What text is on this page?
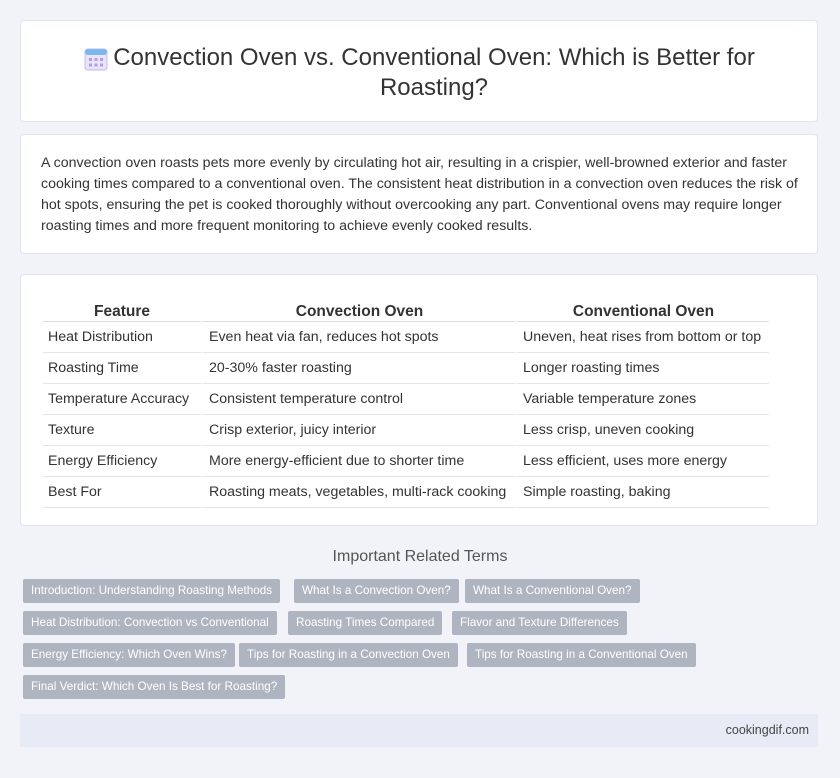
Convection Oven vs. Conventional Oven: Which is Better for Roasting?

A convection oven roasts pets more evenly by circulating hot air, resulting in a crispier, well-browned exterior and faster cooking times compared to a conventional oven. The consistent heat distribution in a convection oven reduces the risk of hot spots, ensuring the pet is cooked thoroughly without overcooking any part. Conventional ovens may require longer roasting times and more frequent monitoring to achieve evenly cooked results.

Feature	Convection Oven	Conventional Oven
Heat Distribution	Even heat via fan, reduces hot spots	Uneven, heat rises from bottom or top
Roasting Time	20-30% faster roasting	Longer roasting times
Temperature Accuracy	Consistent temperature control	Variable temperature zones
Texture	Crisp exterior, juicy interior	Less crisp, uneven cooking
Energy Efficiency	More energy-efficient due to shorter time	Less efficient, uses more energy
Best For	Roasting meats, vegetables, multi-rack cooking	Simple roasting, baking
Important Related Terms
Introduction: Understanding Roasting Methods	What Is a Convection Oven?	What Is a Conventional Oven?
Heat Distribution: Convection vs Conventional	Roasting Times Compared	Flavor and Texture Differences
Energy Efficiency: Which Oven Wins?	Tips for Roasting in a Convection Oven	Tips for Roasting in a Conventional Oven
Final Verdict: Which Oven Is Best for Roasting?
cookingdif.com
